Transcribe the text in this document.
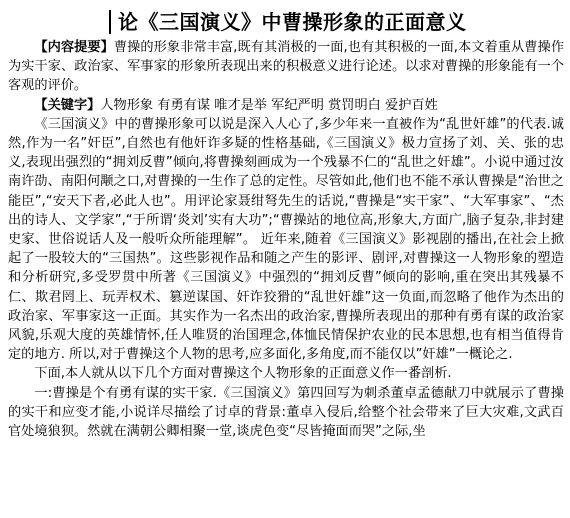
论《三国演义》中曹操形象的正面意义

【内容提要】曹操的形象非常丰富,既有其消极的一面,也有其积极的一面,本文着重从曹操作为实干家、政治家、军事家的形象所表现出来的积极意义进行论述。以求对曹操的形象能有一个客观的评价。

【关键字】人物形象 有勇有谋 唯才是举 军纪严明 赏罚明白 爱护百姓

《三国演义》中的曹操形象可以说是深入人心了,多少年来一直被作为“乱世奸雄”的代表.诚然,作为一名”奸臣”,自然也有他奸诈多疑的性格基础,《三国演义》极力宣扬了刘、关、张的忠义,表现出强烈的“拥刘反曹”倾向,将曹操刻画成为一个残暴不仁的“乱世之奸雄”。小说中通过汝南许劭、南阳何颙之口,对曹操的一生作了总的定性。尽管如此,他们也不能不承认曹操是“治世之能臣”,“安天下者,必此人也”。用评论家聂绀弩先生的话说,“曹操是“实干家”、“大军事家”、“杰出的诗人、文学家”,“于所谓‘炎刘’实有大功”;“曹操站的地位高,形象大,方面广,脑子复杂,非封建史家、世俗说话人及一般听众所能理解”。 近年来,随着《三国演义》影视剧的播出,在社会上掀起了一股较大的“三国热”。这些影视作品和随之产生的影评、剧评,对曹操这一人物形象的塑造和分析研究,多受罗贯中所著《三国演义》中强烈的“拥刘反曹”倾向的影响,重在突出其残暴不仁、欺君罔上、玩弄权术、篡逆谋国、奸诈狡猾的“乱世奸雄”这一负面,而忽略了他作为杰出的政治家、军事家这一正面。其实作为一名杰出的政治家,曹操所表现出的那种有勇有谋的政治家风貌,乐观大度的英雄情怀,任人唯贤的治国理念,体恤民情保护农业的民本思想,也有相当值得肯定的地方. 所以,对于曹操这个人物的思考,应多面化,多角度,而不能仅以”奸雄”一概论之.

下面,本人就从以下几个方面对曹操这个人物形象的正面意义作一番剖析.

一:曹操是个有勇有谋的实干家.《三国演义》第四回写为刺杀董卓孟德献刀中就展示了曹操的实干和应变才能,小说详尽描绘了讨卓的背景:董卓入侵后,给整个社会带来了巨大灾难,文武百官处境狼狈。然就在满朝公卿相聚一堂,谈虎色变“尽皆掩面而哭”之际,坐
